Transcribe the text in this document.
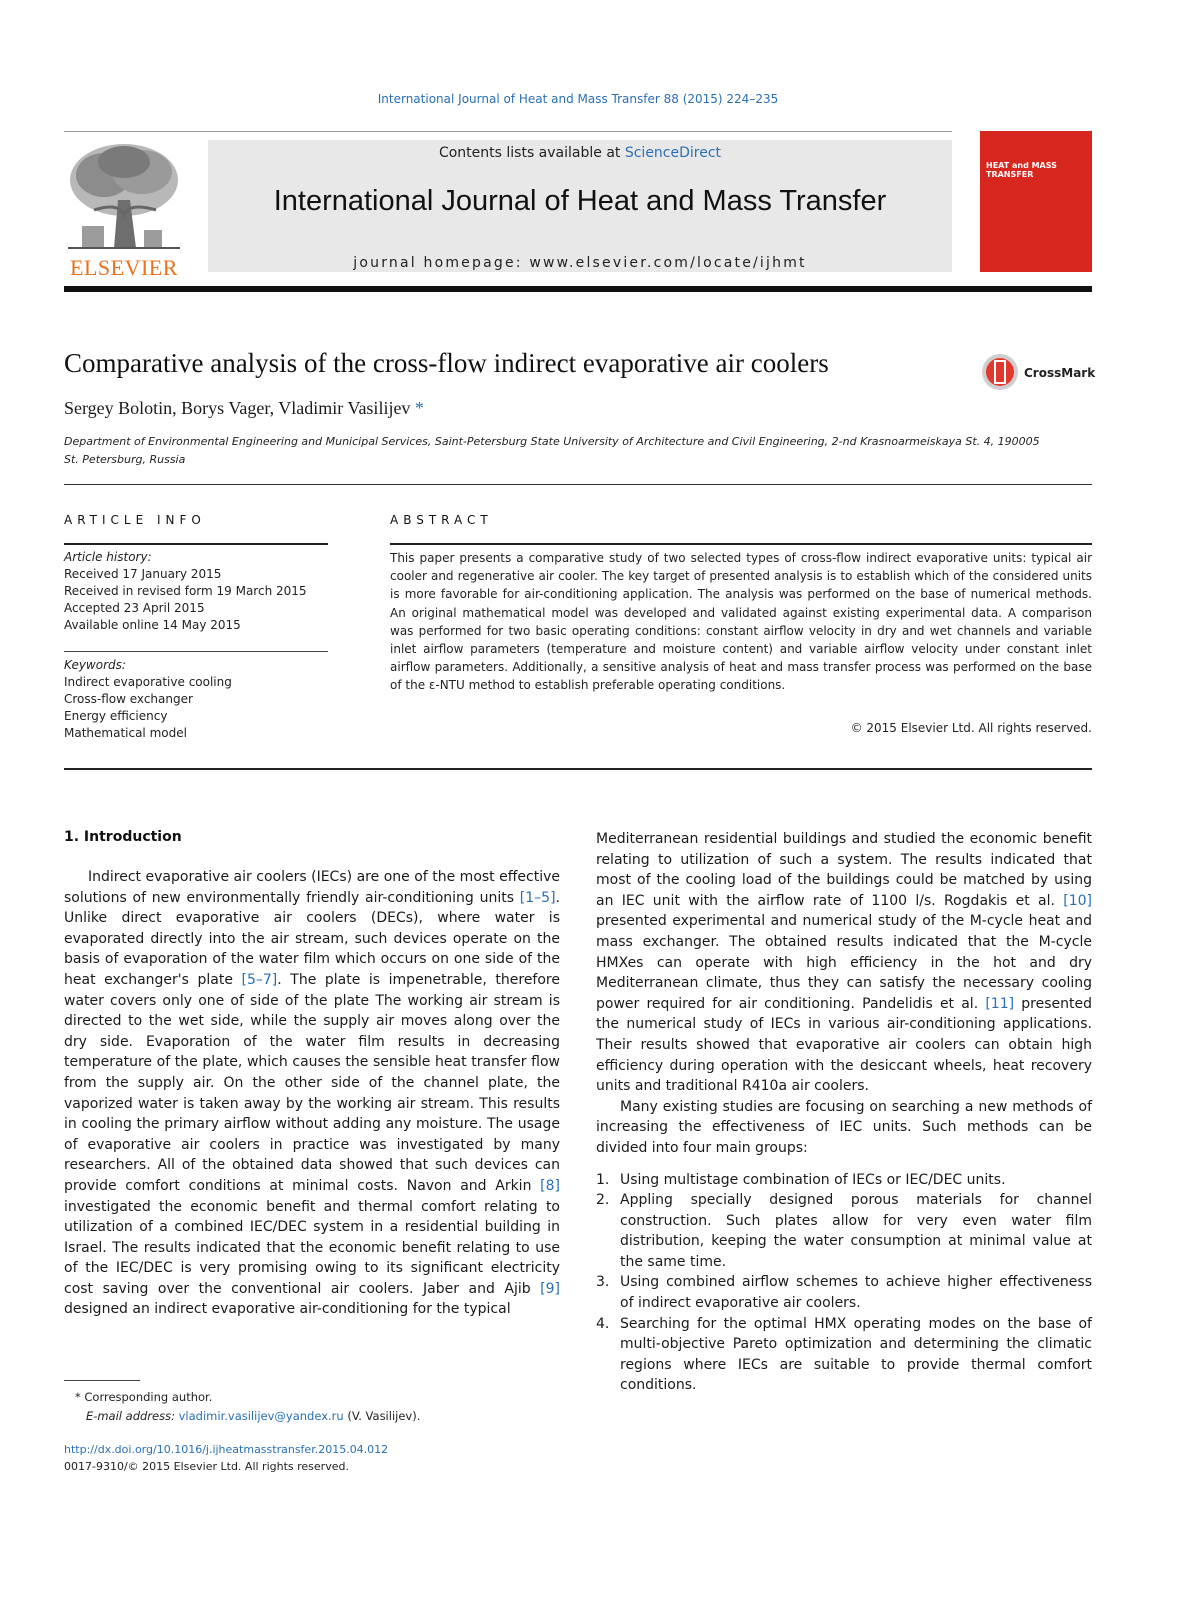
International Journal of Heat and Mass Transfer 88 (2015) 224–235
ELSEVIER
Contents lists available at ScienceDirect
International Journal of Heat and Mass Transfer
journal homepage: www.elsevier.com/locate/ijhmt
HEAT and MASS TRANSFER
Comparative analysis of the cross-flow indirect evaporative air coolers	CrossMark
Sergey Bolotin, Borys Vager, Vladimir Vasilijev *
Department of Environmental Engineering and Municipal Services, Saint-Petersburg State University of Architecture and Civil Engineering, 2-nd Krasnoarmeiskaya St. 4, 190005
St. Petersburg, Russia
ARTICLE INFO	ABSTRACT
Article history:
Received 17 January 2015
Received in revised form 19 March 2015
Accepted 23 April 2015
Available online 14 May 2015
Keywords:
Indirect evaporative cooling
Cross-flow exchanger
Energy efficiency
Mathematical model
This paper presents a comparative study of two selected types of cross-flow indirect evaporative units: typical air cooler and regenerative air cooler. The key target of presented analysis is to establish which of the considered units is more favorable for air-conditioning application. The analysis was performed on the base of numerical methods. An original mathematical model was developed and validated against existing experimental data. A comparison was performed for two basic operating conditions: constant airflow velocity in dry and wet channels and variable inlet airflow parameters (temperature and moisture content) and variable airflow velocity under constant inlet airflow parameters. Additionally, a sensitive analysis of heat and mass transfer process was performed on the base of the ε-NTU method to establish preferable operating conditions.
© 2015 Elsevier Ltd. All rights reserved.
1. Introduction

Indirect evaporative air coolers (IECs) are one of the most effective solutions of new environmentally friendly air-conditioning units [1–5]. Unlike direct evaporative air coolers (DECs), where water is evaporated directly into the air stream, such devices operate on the basis of evaporation of the water film which occurs on one side of the heat exchanger's plate [5–7]. The plate is impenetrable, therefore water covers only one of side of the plate The working air stream is directed to the wet side, while the supply air moves along over the dry side. Evaporation of the water film results in decreasing temperature of the plate, which causes the sensible heat transfer flow from the supply air. On the other side of the channel plate, the vaporized water is taken away by the working air stream. This results in cooling the primary airflow without adding any moisture. The usage of evaporative air coolers in practice was investigated by many researchers. All of the obtained data showed that such devices can provide comfort conditions at minimal costs. Navon and Arkin [8] investigated the economic benefit and thermal comfort relating to utilization of a combined IEC/DEC system in a residential building in Israel. The results indicated that the economic benefit relating to use of the IEC/DEC is very promising owing to its significant electricity cost saving over the conventional air coolers. Jaber and Ajib [9] designed an indirect evaporative air-conditioning for the typical

Mediterranean residential buildings and studied the economic benefit relating to utilization of such a system. The results indicated that most of the cooling load of the buildings could be matched by using an IEC unit with the airflow rate of 1100 l/s. Rogdakis et al. [10] presented experimental and numerical study of the M-cycle heat and mass exchanger. The obtained results indicated that the M-cycle HMXes can operate with high efficiency in the hot and dry Mediterranean climate, thus they can satisfy the necessary cooling power required for air conditioning. Pandelidis et al. [11] presented the numerical study of IECs in various air-conditioning applications. Their results showed that evaporative air coolers can obtain high efficiency during operation with the desiccant wheels, heat recovery units and traditional R410a air coolers.

Many existing studies are focusing on searching a new methods of increasing the effectiveness of IEC units. Such methods can be divided into four main groups:

1. Using multistage combination of IECs or IEC/DEC units.
2. Appling specially designed porous materials for channel construction. Such plates allow for very even water film distribution, keeping the water consumption at minimal value at the same time.
3. Using combined airflow schemes to achieve higher effectiveness of indirect evaporative air coolers.
4. Searching for the optimal HMX operating modes on the base of multi-objective Pareto optimization and determining the climatic regions where IECs are suitable to provide thermal comfort conditions.
* Corresponding author.
E-mail address: vladimir.vasilijev@yandex.ru (V. Vasilijev).
http://dx.doi.org/10.1016/j.ijheatmasstransfer.2015.04.012
0017-9310/© 2015 Elsevier Ltd. All rights reserved.
